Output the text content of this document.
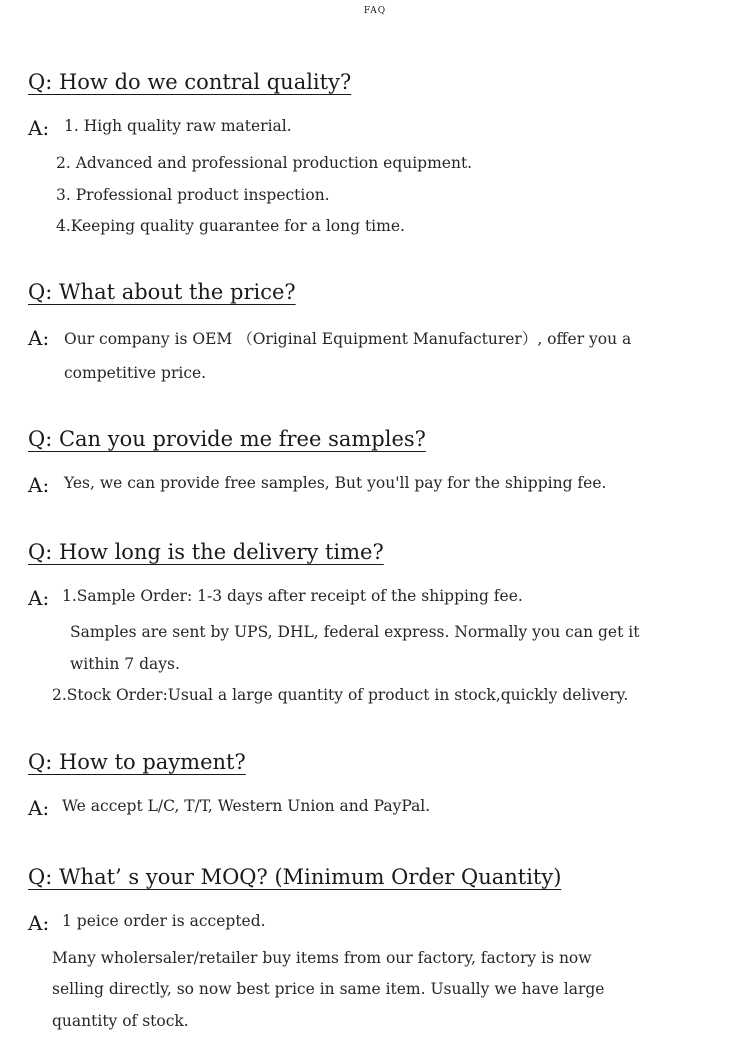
FAQ
Q: How do we contral quality?
A: 1. High quality raw material.
2. Advanced and professional production equipment.
3. Professional product inspection.
4.Keeping quality guarantee for a long time.
Q: What about the price?
A: Our company is OEM （Original Equipment Manufacturer）, offer you a
competitive price.
Q: Can you provide me free samples?
A: Yes, we can provide free samples, But you'll pay for the shipping fee.
Q: How long is the delivery time?
A: 1.Sample Order: 1-3 days after receipt of the shipping fee.
Samples are sent by UPS, DHL, federal express. Normally you can get it
within 7 days.
2.Stock Order:Usual a large quantity of product in stock,quickly delivery.
Q: How to payment?
A: We accept L/C, T/T, Western Union and PayPal.
Q: What’ s your MOQ? (Minimum Order Quantity)
A: 1 peice order is accepted.
Many wholersaler/retailer buy items from our factory, factory is now
selling directly, so now best price in same item. Usually we have large
quantity of stock.
